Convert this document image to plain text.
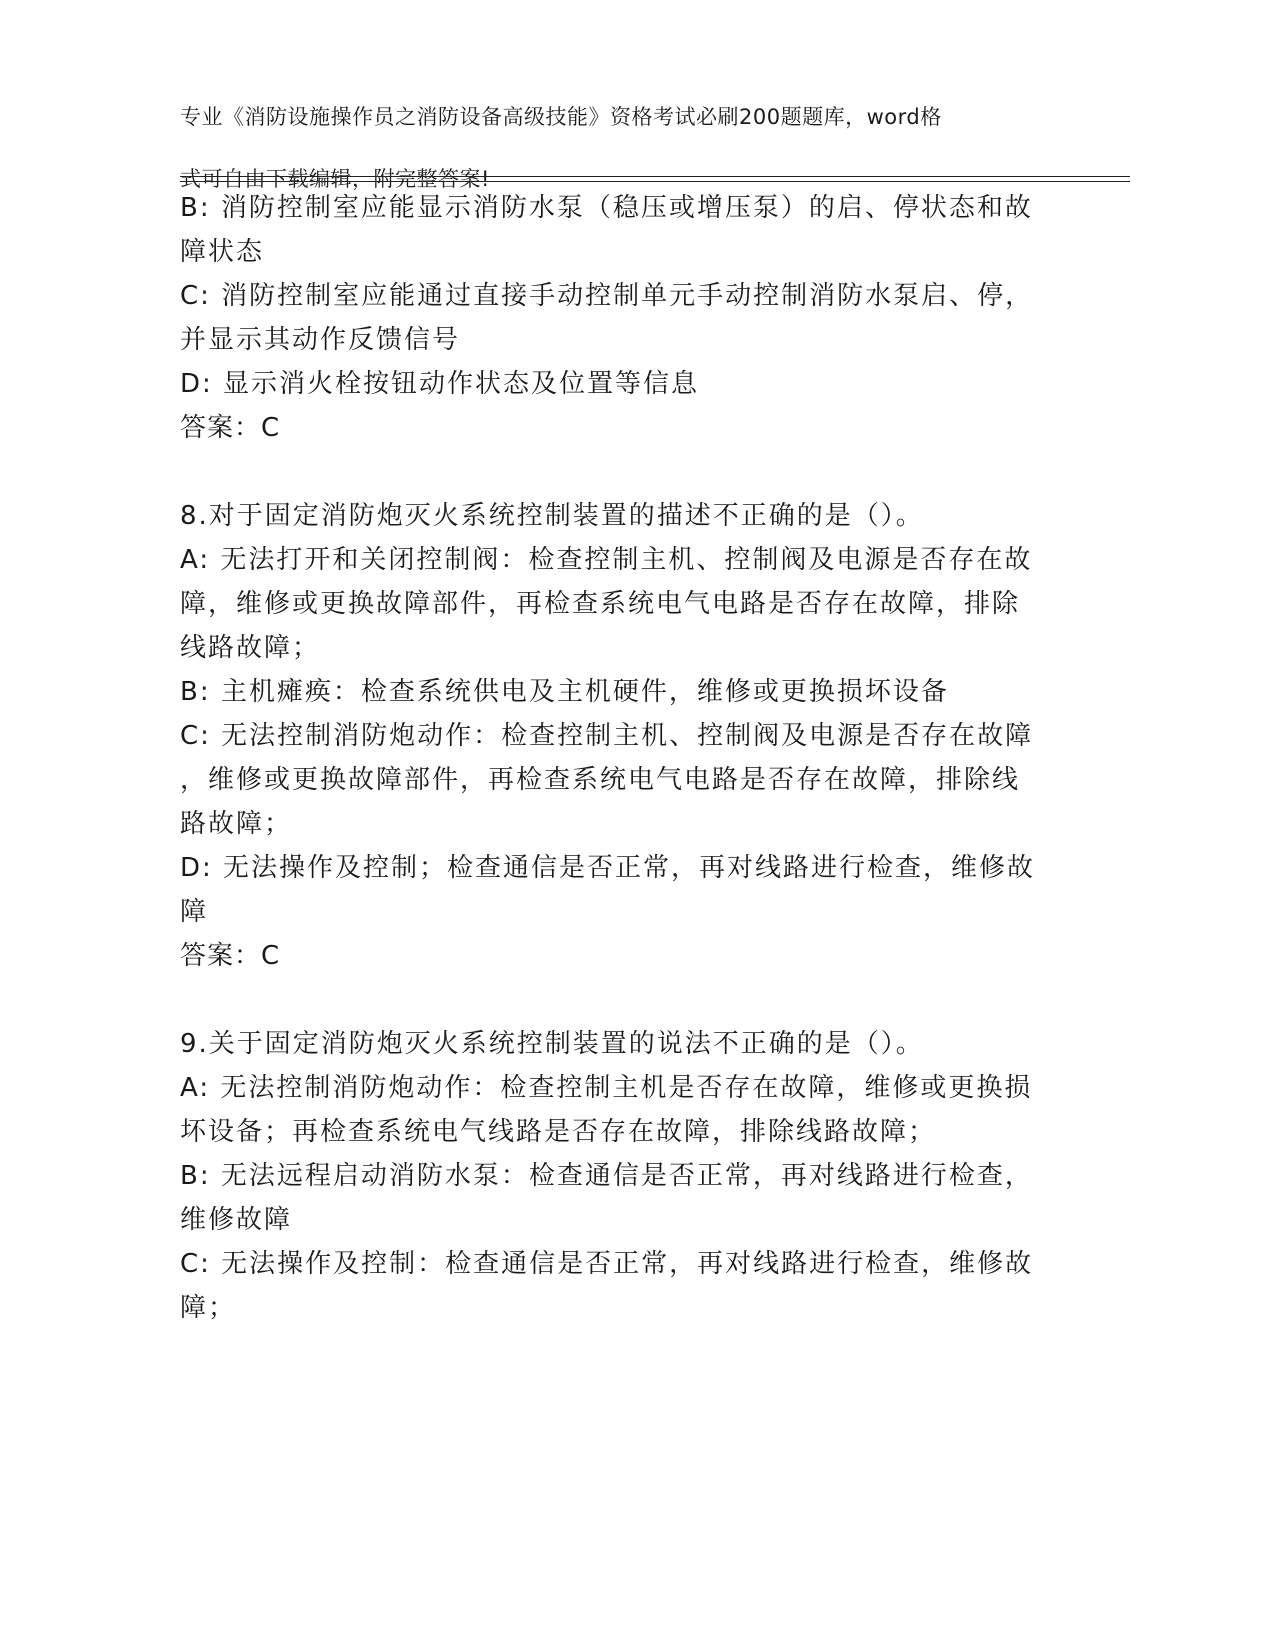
专业《消防设施操作员之消防设备高级技能》资格考试必刷200题题库，word格

式可自由下载编辑，附完整答案!

B: 消防控制室应能显示消防水泵（稳压或增压泵）的启、停状态和故
障状态
C: 消防控制室应能通过直接手动控制单元手动控制消防水泵启、停，
并显示其动作反馈信号
D: 显示消火栓按钮动作状态及位置等信息
答案：C
8.对于固定消防炮灭火系统控制装置的描述不正确的是（）。
A: 无法打开和关闭控制阀：检查控制主机、控制阀及电源是否存在故
障，维修或更换故障部件，再检查系统电气电路是否存在故障，排除
线路故障；
B: 主机瘫痪：检查系统供电及主机硬件，维修或更换损坏设备
C: 无法控制消防炮动作：检查控制主机、控制阀及电源是否存在故障
，维修或更换故障部件，再检查系统电气电路是否存在故障，排除线
路故障；
D: 无法操作及控制；检查通信是否正常，再对线路进行检查，维修故
障
答案：C
9.关于固定消防炮灭火系统控制装置的说法不正确的是（）。
A: 无法控制消防炮动作：检查控制主机是否存在故障，维修或更换损
坏设备；再检查系统电气线路是否存在故障，排除线路故障；
B: 无法远程启动消防水泵：检查通信是否正常，再对线路进行检查，
维修故障
C: 无法操作及控制：检查通信是否正常，再对线路进行检查，维修故
障；
